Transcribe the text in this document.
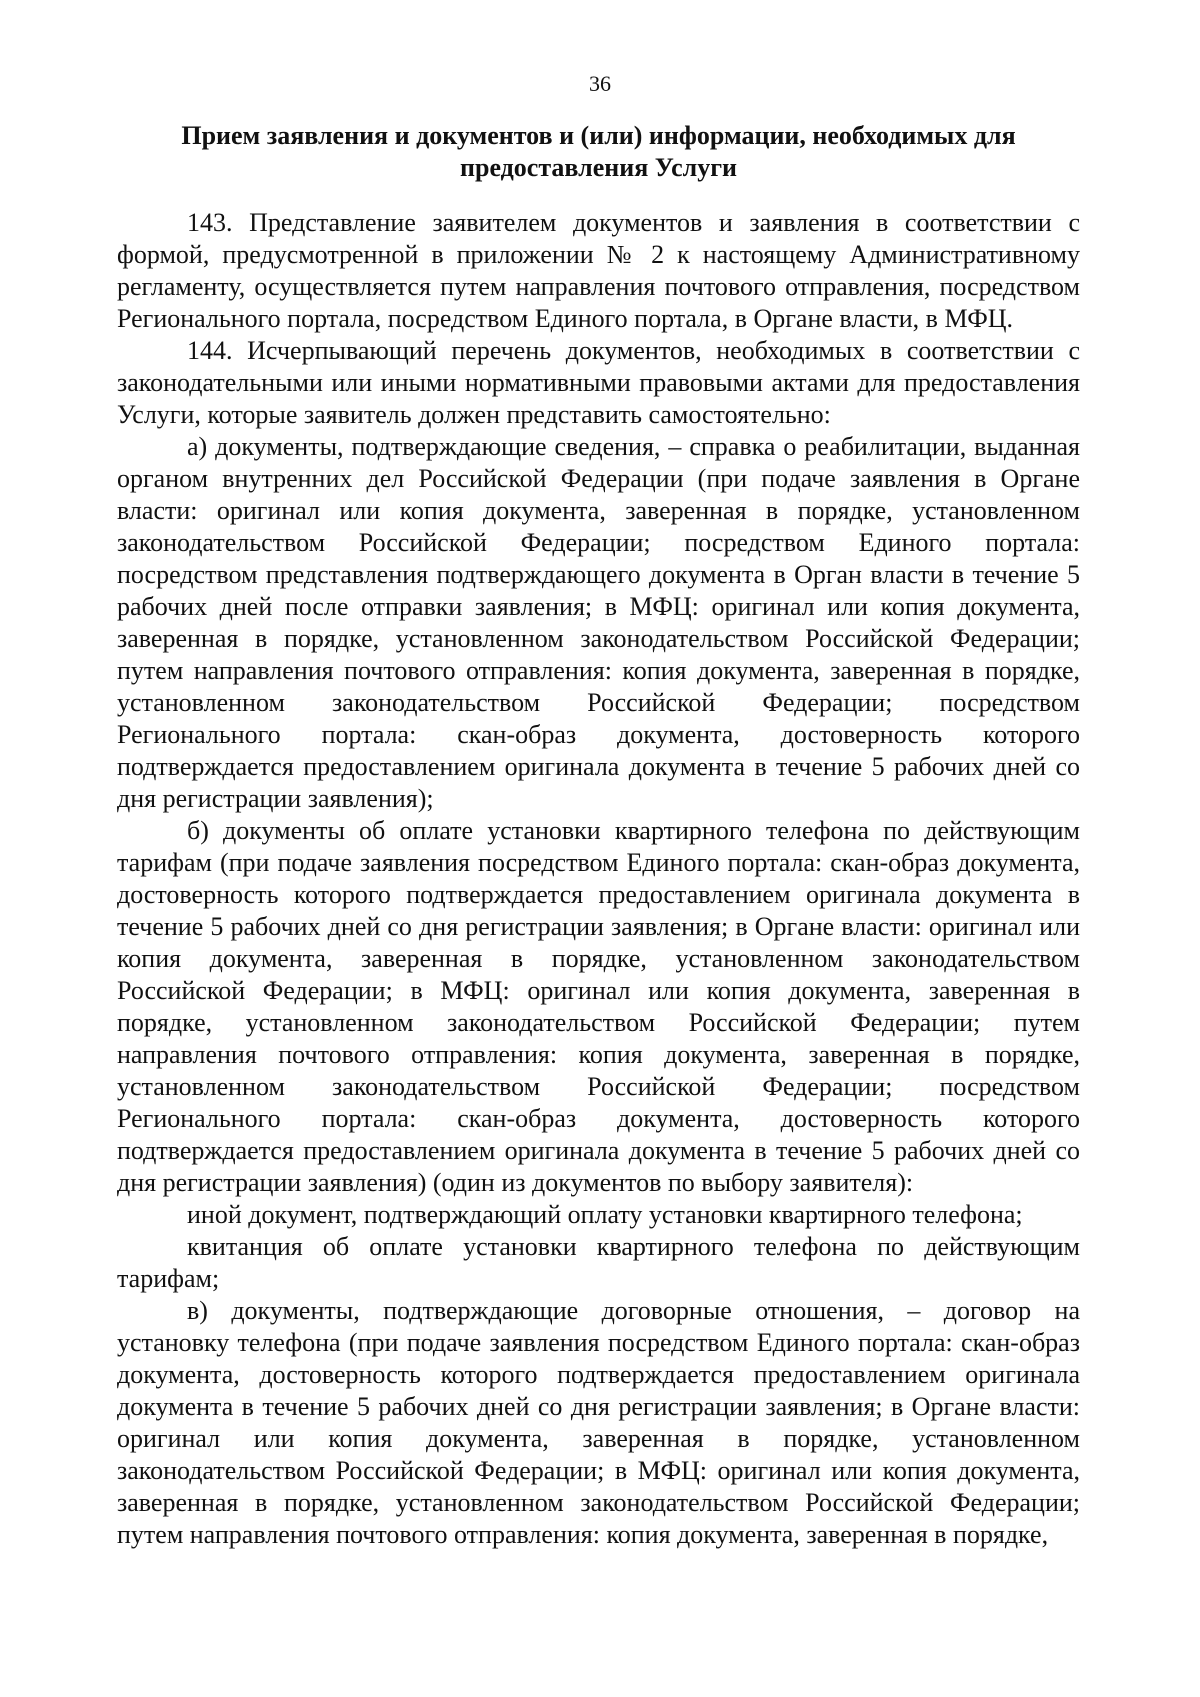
36
Прием заявления и документов и (или) информации, необходимых для предоставления Услуги

143. Представление заявителем документов и заявления в соответствии с формой, предусмотренной в приложении № 2 к настоящему Административному регламенту, осуществляется путем направления почтового отправления, посредством Регионального портала, посредством Единого портала, в Органе власти, в МФЦ.

144. Исчерпывающий перечень документов, необходимых в соответствии с законодательными или иными нормативными правовыми актами для предоставления Услуги, которые заявитель должен представить самостоятельно:

а) документы, подтверждающие сведения, – справка о реабилитации, выданная органом внутренних дел Российской Федерации (при подаче заявления в Органе власти: оригинал или копия документа, заверенная в порядке, установленном законодательством Российской Федерации; посредством Единого портала: посредством представления подтверждающего документа в Орган власти в течение 5 рабочих дней после отправки заявления; в МФЦ: оригинал или копия документа, заверенная в порядке, установленном законодательством Российской Федерации; путем направления почтового отправления: копия документа, заверенная в порядке, установленном законодательством Российской Федерации; посредством Регионального портала: скан-образ документа, достоверность которого подтверждается предоставлением оригинала документа в течение 5 рабочих дней со дня регистрации заявления);

б) документы об оплате установки квартирного телефона по действующим тарифам (при подаче заявления посредством Единого портала: скан-образ документа, достоверность которого подтверждается предоставлением оригинала документа в течение 5 рабочих дней со дня регистрации заявления; в Органе власти: оригинал или копия документа, заверенная в порядке, установленном законодательством Российской Федерации; в МФЦ: оригинал или копия документа, заверенная в порядке, установленном законодательством Российской Федерации; путем направления почтового отправления: копия документа, заверенная в порядке, установленном законодательством Российской Федерации; посредством Регионального портала: скан-образ документа, достоверность которого подтверждается предоставлением оригинала документа в течение 5 рабочих дней со дня регистрации заявления) (один из документов по выбору заявителя):

иной документ, подтверждающий оплату установки квартирного телефона;

квитанция об оплате установки квартирного телефона по действующим тарифам;

в) документы, подтверждающие договорные отношения, – договор на установку телефона (при подаче заявления посредством Единого портала: скан-образ документа, достоверность которого подтверждается предоставлением оригинала документа в течение 5 рабочих дней со дня регистрации заявления; в Органе власти: оригинал или копия документа, заверенная в порядке, установленном законодательством Российской Федерации; в МФЦ: оригинал или копия документа, заверенная в порядке, установленном законодательством Российской Федерации; путем направления почтового отправления: копия документа, заверенная в порядке,
